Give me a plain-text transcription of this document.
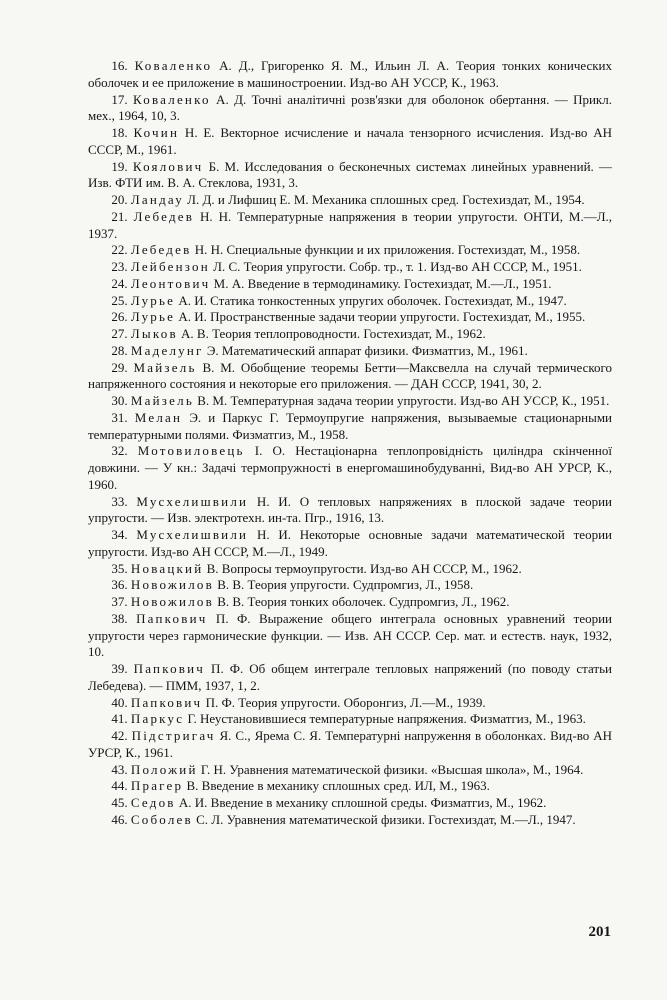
16. Коваленко А. Д., Григоренко Я. М., Ильин Л. А. Теория тонких конических оболочек и ее приложение в машиностроении. Изд-во АН УССР, К., 1963.

17. Коваленко А. Д. Точні аналітичні розв'язки для оболонок обертання. — Прикл. мех., 1964, 10, 3.

18. Кочин Н. Е. Векторное исчисление и начала тензорного исчисления. Изд-во АН СССР, М., 1961.

19. Коялович Б. М. Исследования о бесконечных системах линейных уравнений. — Изв. ФТИ им. В. А. Стеклова, 1931, 3.

20. Ландау Л. Д. и Лифшиц Е. М. Механика сплошных сред. Гостехиздат, М., 1954.

21. Лебедев Н. Н. Температурные напряжения в теории упругости. ОНТИ, М.—Л., 1937.

22. Лебедев Н. Н. Специальные функции и их приложения. Гостехиздат, М., 1958.

23. Лейбензон Л. С. Теория упругости. Собр. тр., т. 1. Изд-во АН СССР, М., 1951.

24. Леонтович М. А. Введение в термодинамику. Гостехиздат, М.—Л., 1951.

25. Лурье А. И. Статика тонкостенных упругих оболочек. Гостехиздат, М., 1947.

26. Лурье А. И. Пространственные задачи теории упругости. Гостехиздат, М., 1955.

27. Лыков А. В. Теория теплопроводности. Гостехиздат, М., 1962.

28. Маделунг Э. Математический аппарат физики. Физматгиз, М., 1961.

29. Майзель В. М. Обобщение теоремы Бетти—Максвелла на случай термического напряженного состояния и некоторые его приложения. — ДАН СССР, 1941, 30, 2.

30. Майзель В. М. Температурная задача теории упругости. Изд-во АН УССР, К., 1951.

31. Мелан Э. и Паркус Г. Термоупругие напряжения, вызываемые стационарными температурными полями. Физматгиз, М., 1958.

32. Мотовиловець І. О. Нестаціонарна теплопровідність циліндра скінченної довжини. — У кн.: Задачі термопружності в енергомашинобудуванні, Вид-во АН УРСР, К., 1960.

33. Мусхелишвили Н. И. О тепловых напряжениях в плоской задаче теории упругости. — Изв. электротехн. ин-та. Пгр., 1916, 13.

34. Мусхелишвили Н. И. Некоторые основные задачи математической теории упругости. Изд-во АН СССР, М.—Л., 1949.

35. Новацкий В. Вопросы термоупругости. Изд-во АН СССР, М., 1962.

36. Новожилов В. В. Теория упругости. Судпромгиз, Л., 1958.

37. Новожилов В. В. Теория тонких оболочек. Судпромгиз, Л., 1962.

38. Папкович П. Ф. Выражение общего интеграла основных уравнений теории упругости через гармонические функции. — Изв. АН СССР. Сер. мат. и естеств. наук, 1932, 10.

39. Папкович П. Ф. Об общем интеграле тепловых напряжений (по поводу статьи Лебедева). — ПММ, 1937, 1, 2.

40. Папкович П. Ф. Теория упругости. Оборонгиз, Л.—М., 1939.

41. Паркус Г. Неустановившиеся температурные напряжения. Физматгиз, М., 1963.

42. Підстригач Я. С., Ярема С. Я. Температурні напруження в оболонках. Вид-во АН УРСР, К., 1961.

43. Положий Г. Н. Уравнения математической физики. «Высшая школа», М., 1964.

44. Прагер В. Введение в механику сплошных сред. ИЛ, М., 1963.

45. Седов А. И. Введение в механику сплошной среды. Физматгиз, М., 1962.

46. Соболев С. Л. Уравнения математической физики. Гостехиздат, М.—Л., 1947.

201
